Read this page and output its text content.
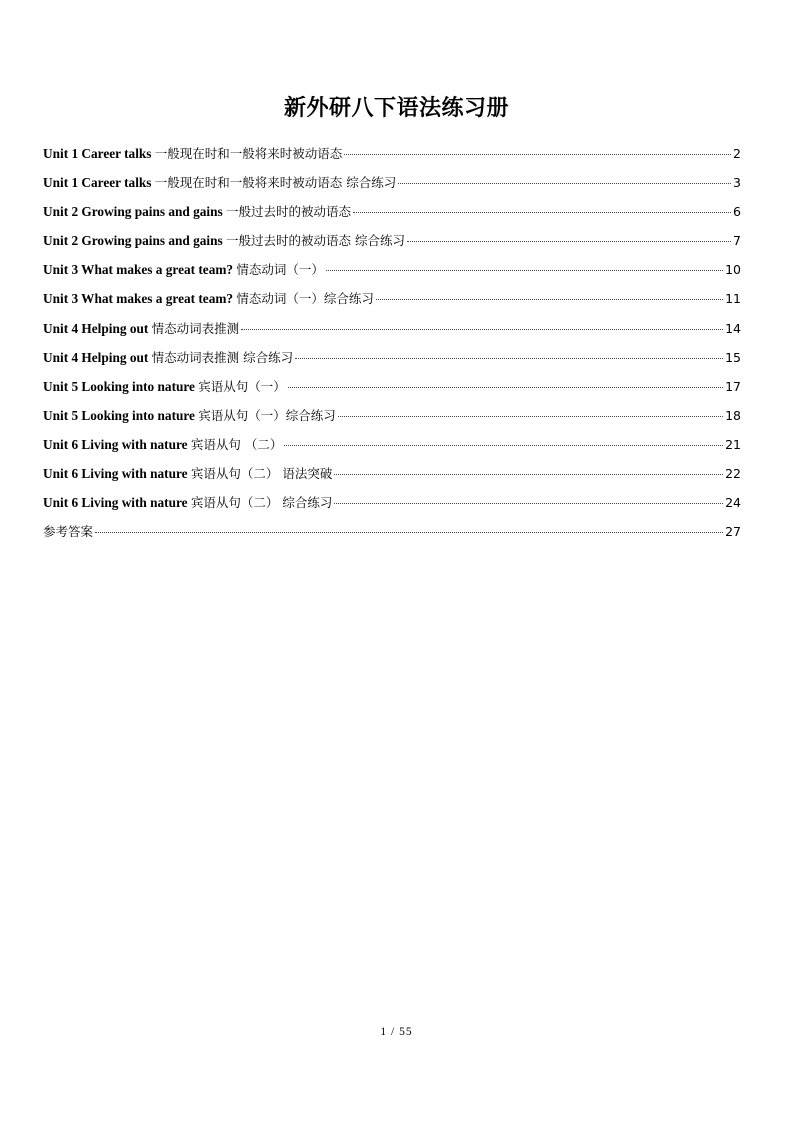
新外研八下语法练习册
Unit 1 Career talks 一般现在时和一般将来时被动语态	2
Unit 1 Career talks 一般现在时和一般将来时被动语态 综合练习	3
Unit 2 Growing pains and gains 一般过去时的被动语态	6
Unit 2 Growing pains and gains 一般过去时的被动语态 综合练习	7
Unit 3 What makes a great team? 情态动词（一）	10
Unit 3 What makes a great team? 情态动词（一）综合练习	11
Unit 4 Helping out 情态动词表推测	14
Unit 4 Helping out 情态动词表推测 综合练习	15
Unit 5 Looking into nature 宾语从句（一）	17
Unit 5 Looking into nature 宾语从句（一）综合练习	18
Unit 6 Living with nature 宾语从句 （二）	21
Unit 6 Living with nature 宾语从句（二） 语法突破	22
Unit 6 Living with nature 宾语从句（二） 综合练习	24
参考答案	27
1 / 55
